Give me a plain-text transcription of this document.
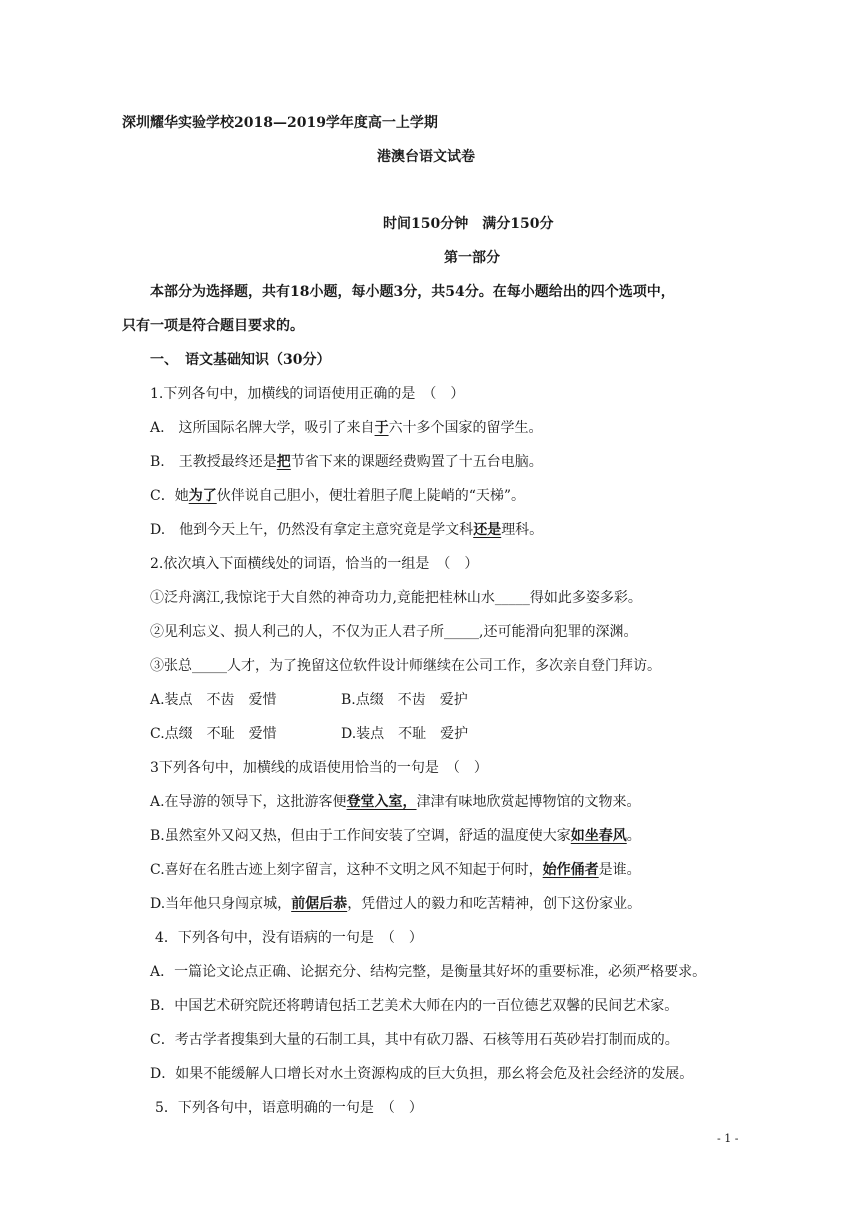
深圳耀华实验学校2018—2019学年度高一上学期
港澳台语文试卷
时间150分钟　满分150分
第一部分
本部分为选择题，共有18小题，每小题3分，共54分。在每小题给出的四个选项中，
只有一项是符合题目要求的。
一、　语文基础知识（30分）
1.下列各句中，加横线的词语使用正确的是　（　）
A.　这所国际名牌大学，吸引了来自于六十多个国家的留学生。
B.　王教授最终还是把节省下来的课题经费购置了十五台电脑。
C．她为了伙伴说自己胆小，便壮着胆子爬上陡峭的“天梯”。
D.　他到今天上午，仍然没有拿定主意究竟是学文科还是理科。
2.依次填入下面横线处的词语，恰当的一组是　（　）
①泛舟漓江,我惊诧于大自然的神奇功力,竟能把桂林山水_____得如此多姿多彩。
②见利忘义、损人利己的人，不仅为正人君子所_____,还可能滑向犯罪的深渊。
③张总_____人才，为了挽留这位软件设计师继续在公司工作，多次亲自登门拜访。
A.装点　不齿　爱惜	B.点缀　不齿　爱护
C.点缀　不耻　爱惜	D.装点　不耻　爱护
3下列各句中，加横线的成语使用恰当的一句是　（　）
A.在导游的领导下，这批游客便登堂入室，津津有味地欣赏起博物馆的文物来。
B.虽然室外又闷又热，但由于工作间安装了空调，舒适的温度使大家如坐春风。
C.喜好在名胜古迹上刻字留言，这种不文明之风不知起于何时，始作俑者是谁。
D.当年他只身闯京城，前倨后恭，凭借过人的毅力和吃苦精神，创下这份家业。
4．下列各句中，没有语病的一句是　（　）
A．一篇论文论点正确、论据充分、结构完整，是衡量其好坏的重要标准，必须严格要求。
B．中国艺术研究院还将聘请包括工艺美术大师在内的一百位德艺双馨的民间艺术家。
C．考古学者搜集到大量的石制工具，其中有砍刀器、石核等用石英砂岩打制而成的。
D．如果不能缓解人口增长对水土资源构成的巨大负担，那幺将会危及社会经济的发展。
5．下列各句中，语意明确的一句是　（　）
- 1 -
